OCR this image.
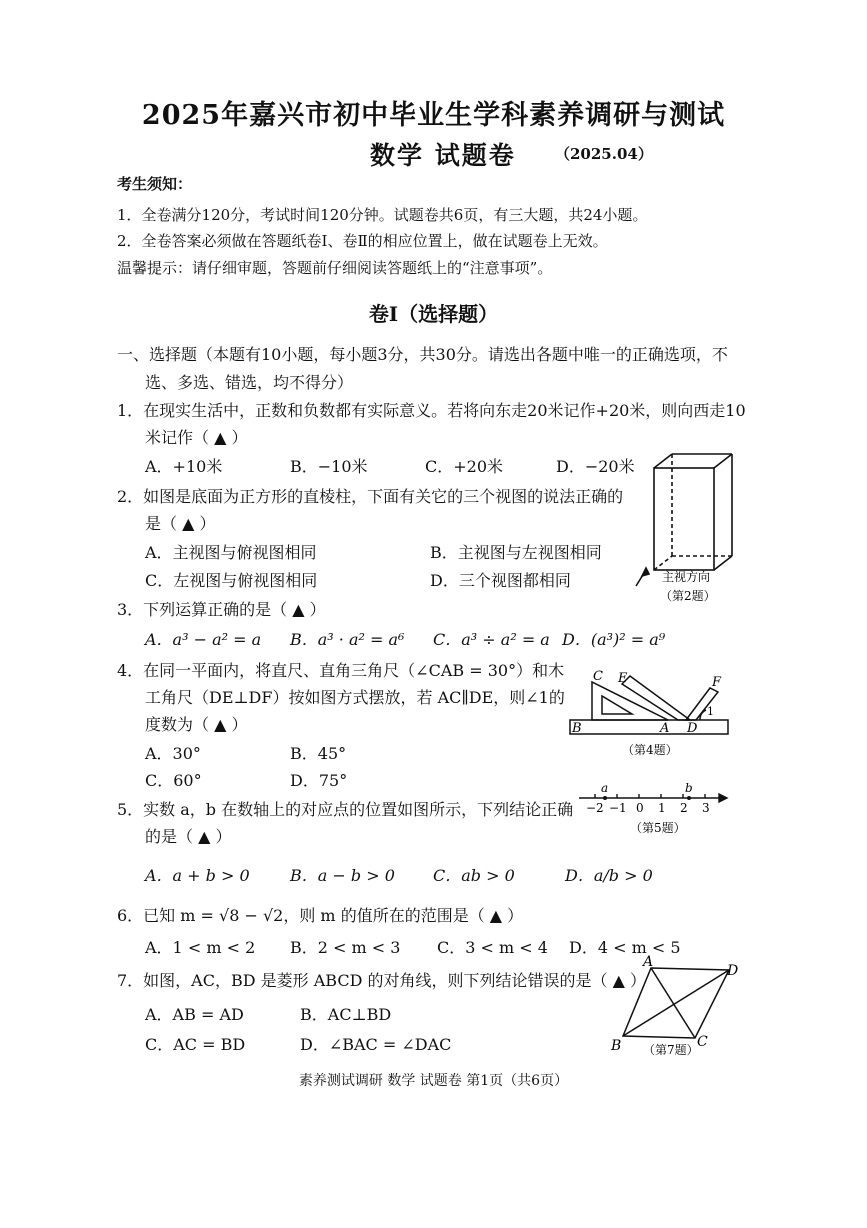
2025年嘉兴市初中毕业生学科素养调研与测试
数学 试题卷	（2025.04）
考生须知：
1．全卷满分120分，考试时间120分钟。试题卷共6页，有三大题，共24小题。
2．全卷答案必须做在答题纸卷Ⅰ、卷Ⅱ的相应位置上，做在试题卷上无效。
温馨提示：请仔细审题，答题前仔细阅读答题纸上的“注意事项”。
卷Ⅰ（选择题）
一、选择题（本题有10小题，每小题3分，共30分。请选出各题中唯一的正确选项，不
选、多选、错选，均不得分）
1．在现实生活中，正数和负数都有实际意义。若将向东走20米记作+20米，则向西走10
米记作（ ▲ ）
A．+10米	B．−10米	C．+20米	D．−20米
2．如图是底面为正方形的直棱柱，下面有关它的三个视图的说法正确的
是（ ▲ ）
A．主视图与俯视图相同	B．主视图与左视图相同
C．左视图与俯视图相同	D．三个视图都相同	主视方向
（第2题）
3．下列运算正确的是（ ▲ ）
A．a³ − a² = a B．a³ · a² = a⁶ C．a³ ÷ a² = a D．(a³)² = a⁹
4．在同一平面内，将直尺、直角三角尺（∠CAB = 30°）和木
工角尺（DE⊥DF）按如图方式摆放，若 AC∥DE，则∠1的
度数为（ ▲ ）
A．30°	B．45°
C．60°	D．75°
C E	F
1
B	A D
（第4题）
5．实数 a，b 在数轴上的对应点的位置如图所示，下列结论正确
的是（ ▲ ）
A．a + b > 0	B．a − b > 0 C．ab > 0	D．a/b > 0
a	b
−2 −1 0 1 2 3
（第5题）
6．已知 m = √8 − √2，则 m 的值所在的范围是（ ▲ ）
A．1 < m < 2 B．2 < m < 3 C．3 < m < 4 D．4 < m < 5
7．如图，AC，BD 是菱形 ABCD 的对角线，则下列结论错误的是（ ▲ ）
A．AB = AD	B．AC⊥BD
C．AC = BD	D．∠BAC = ∠DAC
A
D
B	C
（第7题）
素养测试调研 数学 试题卷 第1页（共6页）
